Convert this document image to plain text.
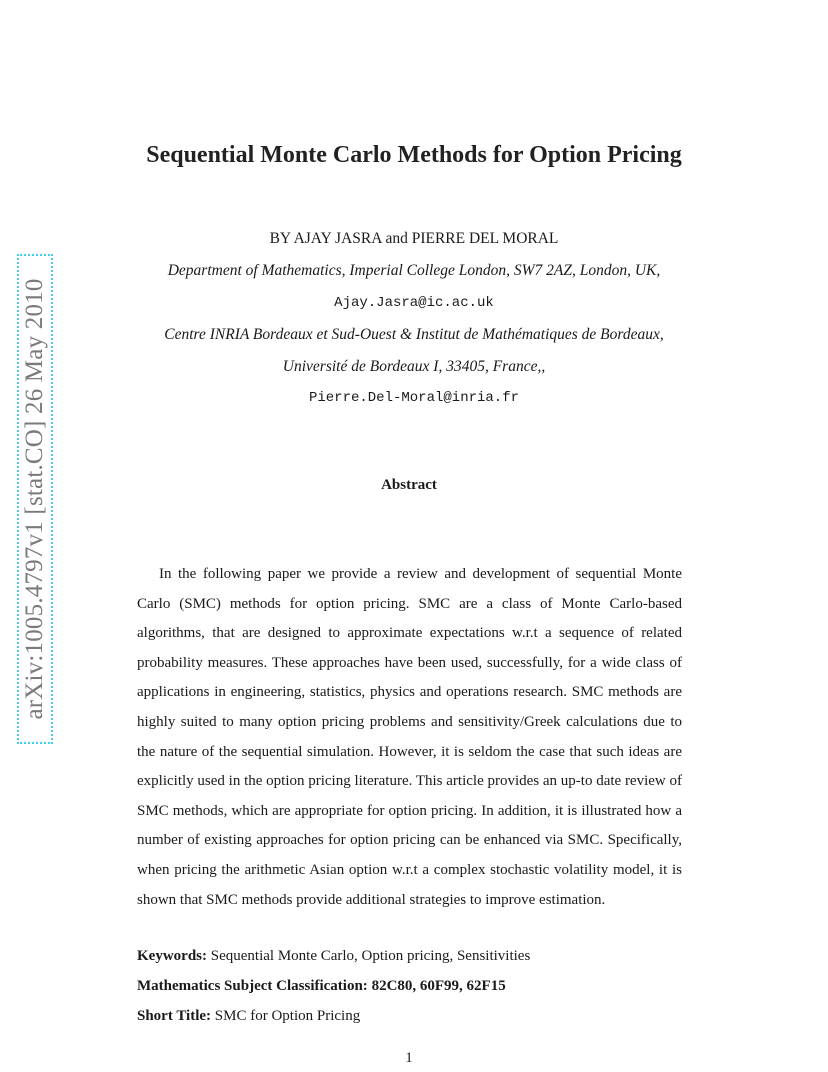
arXiv:1005.4797v1 [stat.CO] 26 May 2010
Sequential Monte Carlo Methods for Option Pricing
BY AJAY JASRA and PIERRE DEL MORAL
Department of Mathematics, Imperial College London, SW7 2AZ, London, UK,
Ajay.Jasra@ic.ac.uk
Centre INRIA Bordeaux et Sud-Ouest & Institut de Mathématiques de Bordeaux,
Université de Bordeaux I, 33405, France,,
Pierre.Del-Moral@inria.fr
Abstract

In the following paper we provide a review and development of sequential Monte Carlo (SMC) methods for option pricing. SMC are a class of Monte Carlo-based algorithms, that are designed to approximate expectations w.r.t a sequence of related probability measures. These approaches have been used, successfully, for a wide class of applications in engineering, statistics, physics and operations research. SMC methods are highly suited to many option pricing problems and sensitivity/Greek calculations due to the nature of the sequential simulation. However, it is seldom the case that such ideas are explicitly used in the option pricing literature. This article provides an up-to date review of SMC methods, which are appropriate for option pricing. In addition, it is illustrated how a number of existing approaches for option pricing can be enhanced via SMC. Specifically, when pricing the arithmetic Asian option w.r.t a complex stochastic volatility model, it is shown that SMC methods provide additional strategies to improve estimation.

Keywords: Sequential Monte Carlo, Option pricing, Sensitivities
Mathematics Subject Classification: 82C80, 60F99, 62F15
Short Title: SMC for Option Pricing
1
